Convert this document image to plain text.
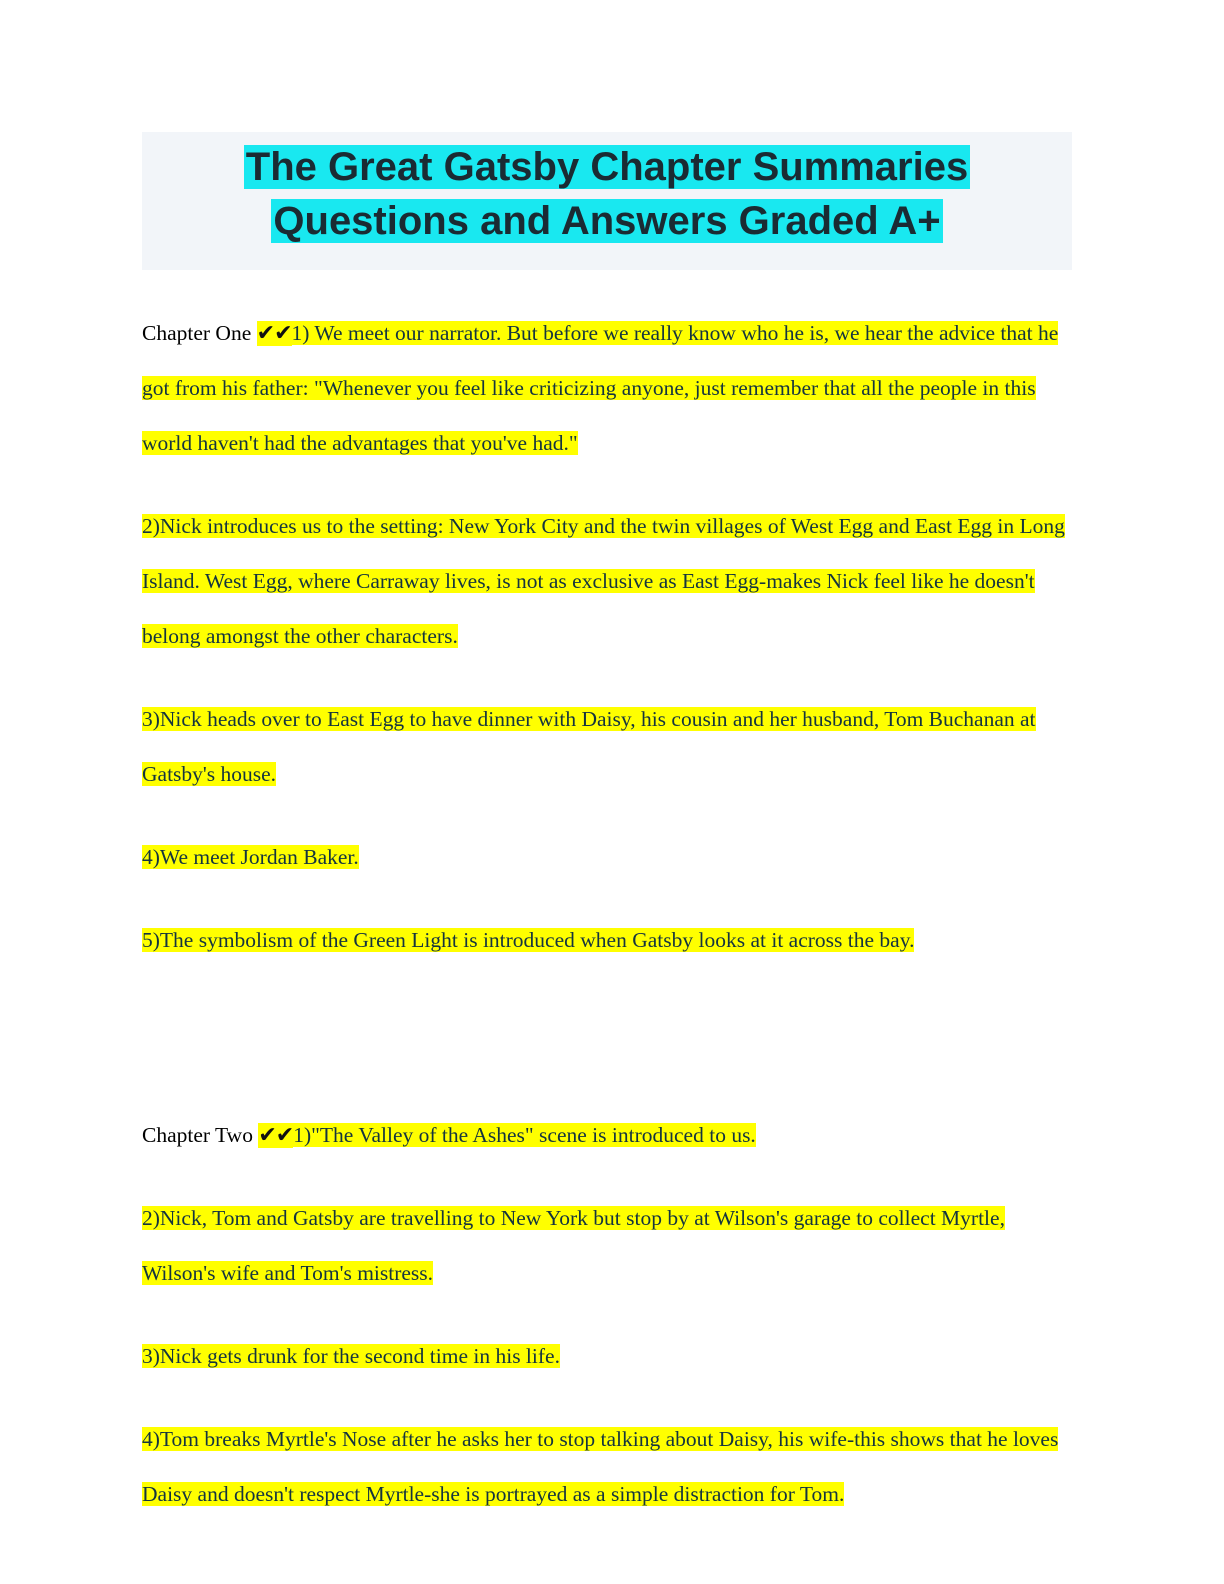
The Great Gatsby Chapter Summaries
Questions and Answers Graded A+

Chapter One ✔✔1) We meet our narrator. But before we really know who he is, we hear the advice that he got from his father: "Whenever you feel like criticizing anyone, just remember that all the people in this world haven't had the advantages that you've had."

2)Nick introduces us to the setting: New York City and the twin villages of West Egg and East Egg in Long Island. West Egg, where Carraway lives, is not as exclusive as East Egg-makes Nick feel like he doesn't belong amongst the other characters.

3)Nick heads over to East Egg to have dinner with Daisy, his cousin and her husband, Tom Buchanan at Gatsby's house.

4)We meet Jordan Baker.

5)The symbolism of the Green Light is introduced when Gatsby looks at it across the bay.

Chapter Two ✔✔1)"The Valley of the Ashes" scene is introduced to us.

2)Nick, Tom and Gatsby are travelling to New York but stop by at Wilson's garage to collect Myrtle, Wilson's wife and Tom's mistress.

3)Nick gets drunk for the second time in his life.

4)Tom breaks Myrtle's Nose after he asks her to stop talking about Daisy, his wife-this shows that he loves Daisy and doesn't respect Myrtle-she is portrayed as a simple distraction for Tom.
